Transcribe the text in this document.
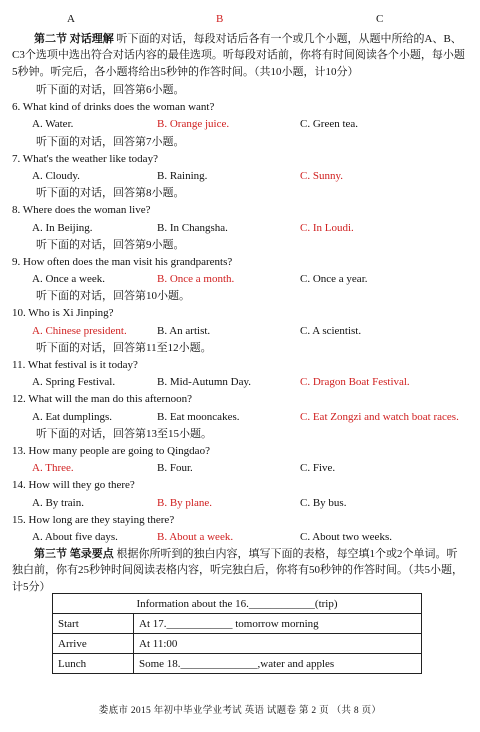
A	B	C
第二节 对话理解 听下面的对话，每段对话后各有一个或几个小题，从题中所给的A、B、C3个选项中选出符合对话内容的最佳选项。听每段对话前，你将有时间阅读各个小题，每小题5秒钟。听完后，各小题将给出5秒钟的作答时间。（共10小题，计10分）
听下面的对话，回答第6小题。
6. What kind of drinks does the woman want?
A. Water.	B. Orange juice.	C. Green tea.
听下面的对话，回答第7小题。
7. What's the weather like today?
A. Cloudy.	B. Raining.	C. Sunny.
听下面的对话，回答第8小题。
8. Where does the woman live?
A. In Beijing.	B. In Changsha.	C. In Loudi.
听下面的对话，回答第9小题。
9. How often does the man visit his grandparents?
A. Once a week.	B. Once a month.	C. Once a year.
听下面的对话，回答第10小题。
10. Who is Xi Jinping?
A. Chinese president.	B. An artist.	C. A scientist.
听下面的对话，回答第11至12小题。
11. What festival is it today?
A. Spring Festival.	B. Mid-Autumn Day.	C. Dragon Boat Festival.
12. What will the man do this afternoon?
A. Eat dumplings.	B. Eat mooncakes.	C. Eat Zongzi and watch boat races.
听下面的对话，回答第13至15小题。
13. How many people are going to Qingdao?
A. Three.	B. Four.	C. Five.
14. How will they go there?
A. By train.	B. By plane.	C. By bus.
15. How long are they staying there?
A. About five days.	B. About a week.	C. About two weeks.
第三节 笔录要点 根据你所听到的独白内容，填写下面的表格，每空填1个或2个单词。听独白前，你有25秒钟时间阅读表格内容，听完独白后，你将有50秒钟的作答时间。（共5小题，计5分）
Information about the 16.____________(trip)	
Start	At 17.____________ tomorrow morning
Arrive	At 11:00
Lunch	Some 18.______________,water and apples
娄底市 2015 年初中毕业学业考试 英语 试题卷 第 2 页 （共 8 页）
